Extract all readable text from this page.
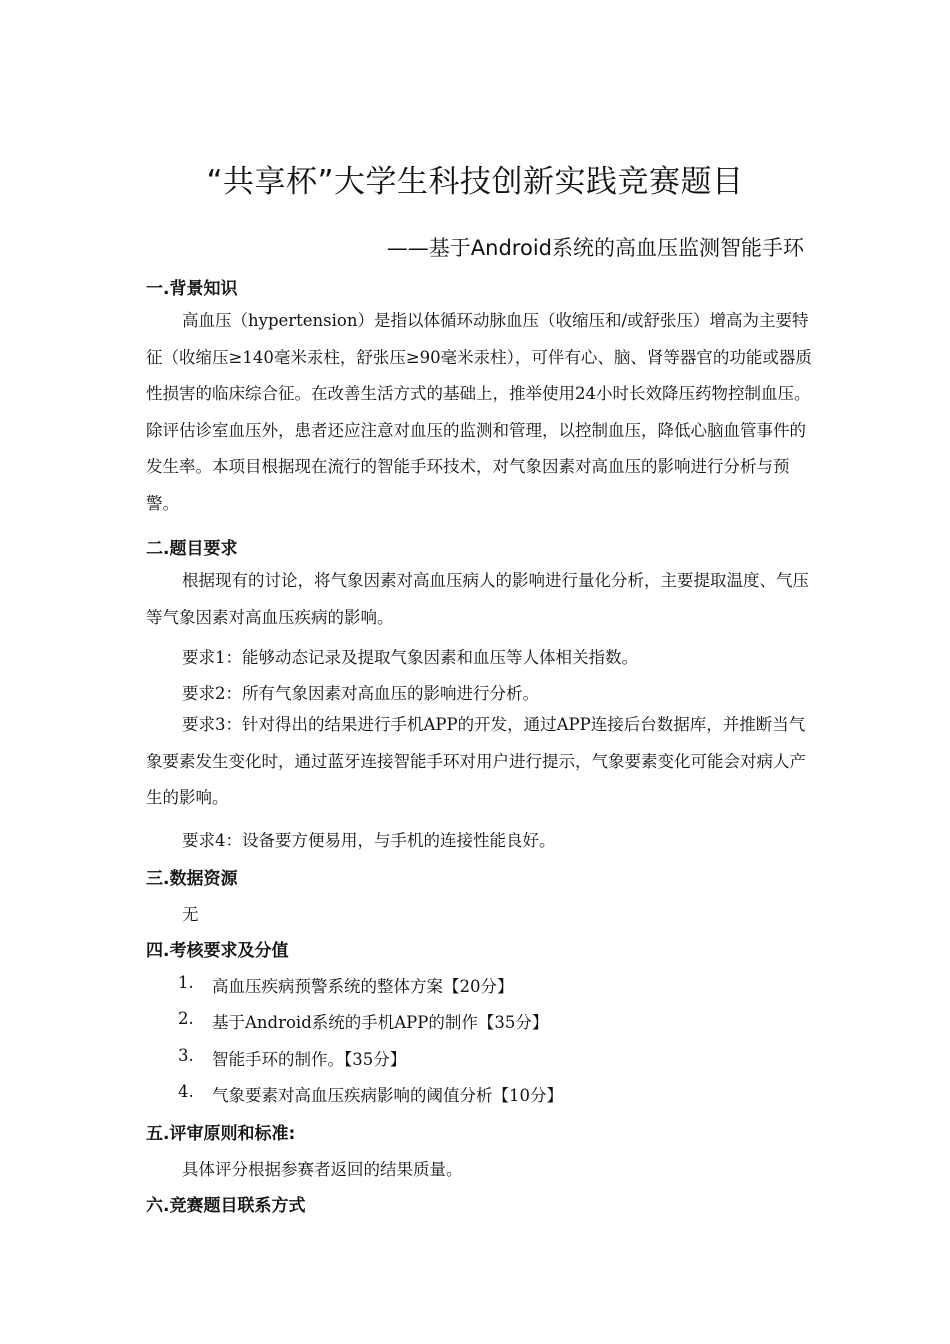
“共享杯”大学生科技创新实践竞赛题目
——基于Android系统的高血压监测智能手环
一.背景知识

高血压（hypertension）是指以体循环动脉血压（收缩压和/或舒张压）增高为主要特征（收缩压≥140毫米汞柱，舒张压≥90毫米汞柱），可伴有心、脑、肾等器官的功能或器质性损害的临床综合征。在改善生活方式的基础上，推举使用24小时长效降压药物控制血压。除评估诊室血压外，患者还应注意对血压的监测和管理，以控制血压，降低心脑血管事件的发生率。本项目根据现在流行的智能手环技术，对气象因素对高血压的影响进行分析与预警。

二.题目要求

根据现有的讨论，将气象因素对高血压病人的影响进行量化分析，主要提取温度、气压等气象因素对高血压疾病的影响。

要求1：能够动态记录及提取气象因素和血压等人体相关指数。
要求2：所有气象因素对高血压的影响进行分析。

要求3：针对得出的结果进行手机APP的开发，通过APP连接后台数据库，并推断当气象要素发生变化时，通过蓝牙连接智能手环对用户进行提示，气象要素变化可能会对病人产生的影响。

要求4：设备要方便易用，与手机的连接性能良好。
三.数据资源
无
四.考核要求及分值
1. 高血压疾病预警系统的整体方案【20分】
2. 基于Android系统的手机APP的制作【35分】
3. 智能手环的制作。【35分】
4. 气象要素对高血压疾病影响的阈值分析【10分】
五.评审原则和标准:
具体评分根据参赛者返回的结果质量。
六.竞赛题目联系方式
